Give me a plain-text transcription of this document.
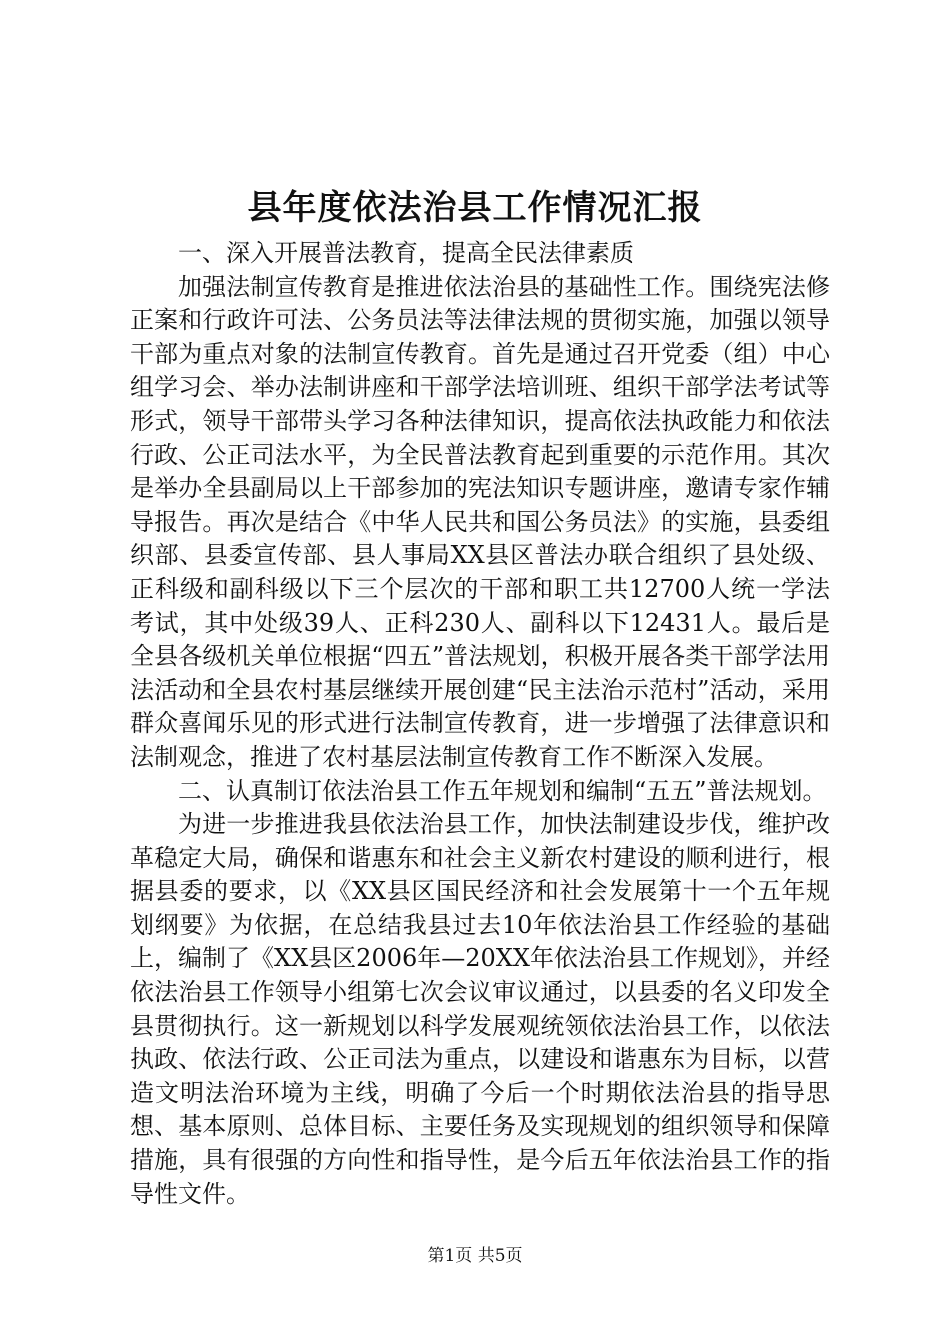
县年度依法治县工作情况汇报

一、深入开展普法教育，提高全民法律素质

加强法制宣传教育是推进依法治县的基础性工作。围绕宪法修正案和行政许可法、公务员法等法律法规的贯彻实施，加强以领导干部为重点对象的法制宣传教育。首先是通过召开党委（组）中心组学习会、举办法制讲座和干部学法培训班、组织干部学法考试等形式，领导干部带头学习各种法律知识，提高依法执政能力和依法行政、公正司法水平，为全民普法教育起到重要的示范作用。其次是举办全县副局以上干部参加的宪法知识专题讲座，邀请专家作辅导报告。再次是结合《中华人民共和国公务员法》的实施，县委组织部、县委宣传部、县人事局XX县区普法办联合组织了县处级、正科级和副科级以下三个层次的干部和职工共12700人统一学法考试，其中处级39人、正科230人、副科以下12431人。最后是全县各级机关单位根据“四五”普法规划，积极开展各类干部学法用法活动和全县农村基层继续开展创建“民主法治示范村”活动，采用群众喜闻乐见的形式进行法制宣传教育，进一步增强了法律意识和法制观念，推进了农村基层法制宣传教育工作不断深入发展。

二、认真制订依法治县工作五年规划和编制“五五”普法规划。

为进一步推进我县依法治县工作，加快法制建设步伐，维护改革稳定大局，确保和谐惠东和社会主义新农村建设的顺利进行，根据县委的要求，以《XX县区国民经济和社会发展第十一个五年规划纲要》为依据，在总结我县过去10年依法治县工作经验的基础上，编制了《XX县区2006年—20XX年依法治县工作规划》，并经依法治县工作领导小组第七次会议审议通过，以县委的名义印发全县贯彻执行。这一新规划以科学发展观统领依法治县工作，以依法执政、依法行政、公正司法为重点，以建设和谐惠东为目标，以营造文明法治环境为主线，明确了今后一个时期依法治县的指导思想、基本原则、总体目标、主要任务及实现规划的组织领导和保障措施，具有很强的方向性和指导性，是今后五年依法治县工作的指导性文件。

第1页 共5页
